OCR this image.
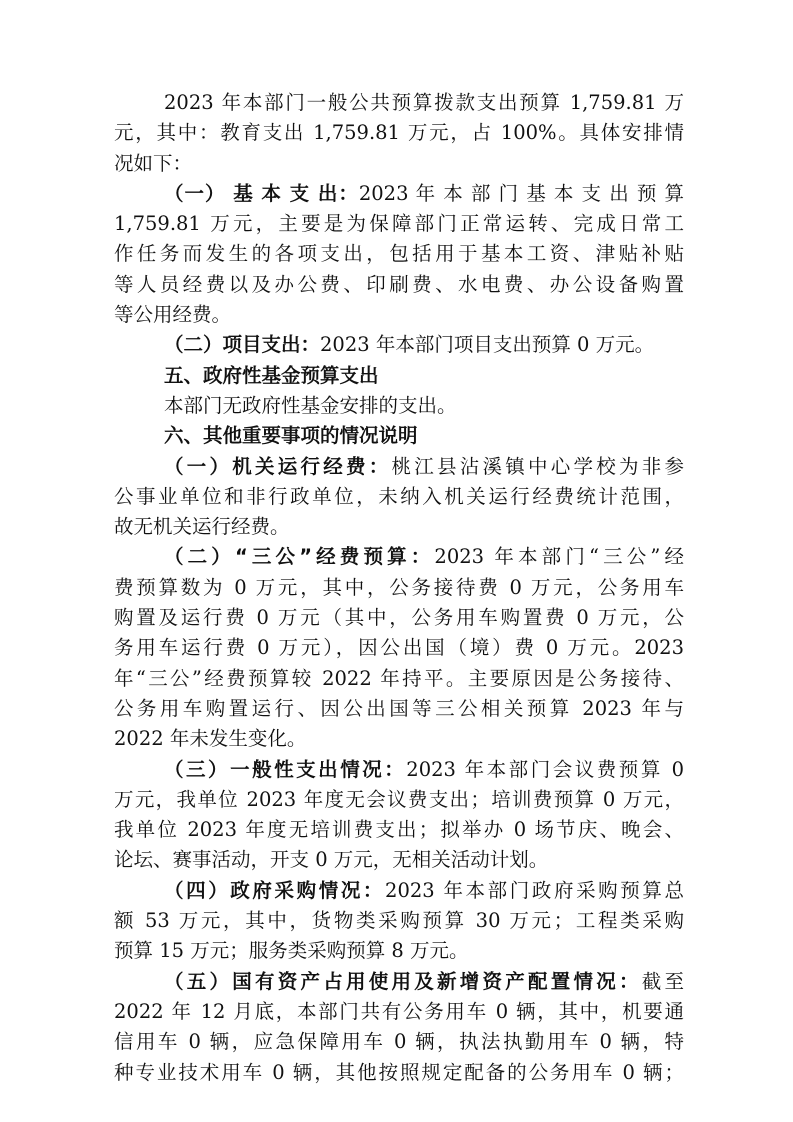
2023 年本部门一般公共预算拨款支出预算 1,759.81 万
元，其中：教育支出 1,759.81 万元，占 100%。具体安排情
况如下：
（一） 基 本 支 出：2023 年 本 部 门 基 本 支 出 预 算
1,759.81 万元，主要是为保障部门正常运转、完成日常工
作任务而发生的各项支出，包括用于基本工资、津贴补贴
等人员经费以及办公费、印刷费、水电费、办公设备购置
等公用经费。
（二）项目支出：2023 年本部门项目支出预算 0 万元。
五、政府性基金预算支出
本部门无政府性基金安排的支出。
六、其他重要事项的情况说明
（一）机关运行经费：桃江县沾溪镇中心学校为非参
公事业单位和非行政单位，未纳入机关运行经费统计范围，
故无机关运行经费。
（二）“三公”经费预算：2023 年本部门“三公”经
费预算数为 0 万元，其中，公务接待费 0 万元，公务用车
购置及运行费 0 万元（其中，公务用车购置费 0 万元，公
务用车运行费 0 万元），因公出国（境）费 0 万元。2023
年“三公”经费预算较 2022 年持平。主要原因是公务接待、
公务用车购置运行、因公出国等三公相关预算 2023 年与
2022 年未发生变化。
（三）一般性支出情况：2023 年本部门会议费预算 0
万元，我单位 2023 年度无会议费支出；培训费预算 0 万元，
我单位 2023 年度无培训费支出；拟举办 0 场节庆、晚会、
论坛、赛事活动，开支 0 万元，无相关活动计划。
（四）政府采购情况：2023 年本部门政府采购预算总
额 53 万元，其中，货物类采购预算 30 万元；工程类采购
预算 15 万元；服务类采购预算 8 万元。
（五）国有资产占用使用及新增资产配置情况：截至
2022 年 12 月底，本部门共有公务用车 0 辆，其中，机要通
信用车 0 辆，应急保障用车 0 辆，执法执勤用车 0 辆，特
种专业技术用车 0 辆，其他按照规定配备的公务用车 0 辆；
